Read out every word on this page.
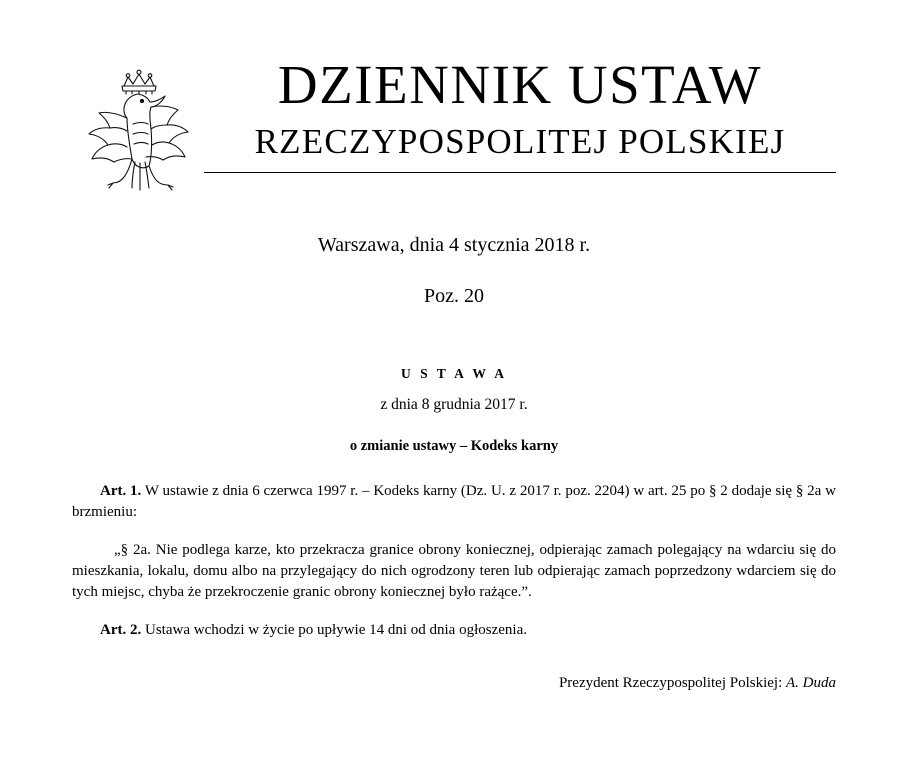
DZIENNIK USTAW
RZECZYPOSPOLITEJ POLSKIEJ
Warszawa, dnia 4 stycznia 2018 r.
Poz. 20
U S T A W A
z dnia 8 grudnia 2017 r.
o zmianie ustawy – Kodeks karny

Art. 1. W ustawie z dnia 6 czerwca 1997 r. – Kodeks karny (Dz. U. z 2017 r. poz. 2204) w art. 25 po § 2 dodaje się § 2a w brzmieniu:

„§ 2a. Nie podlega karze, kto przekracza granice obrony koniecznej, odpierając zamach polegający na wdarciu się do mieszkania, lokalu, domu albo na przylegający do nich ogrodzony teren lub odpierając zamach poprzedzony wdarciem się do tych miejsc, chyba że przekroczenie granic obrony koniecznej było rażące.”.

Art. 2. Ustawa wchodzi w życie po upływie 14 dni od dnia ogłoszenia.

Prezydent Rzeczypospolitej Polskiej: A. Duda
